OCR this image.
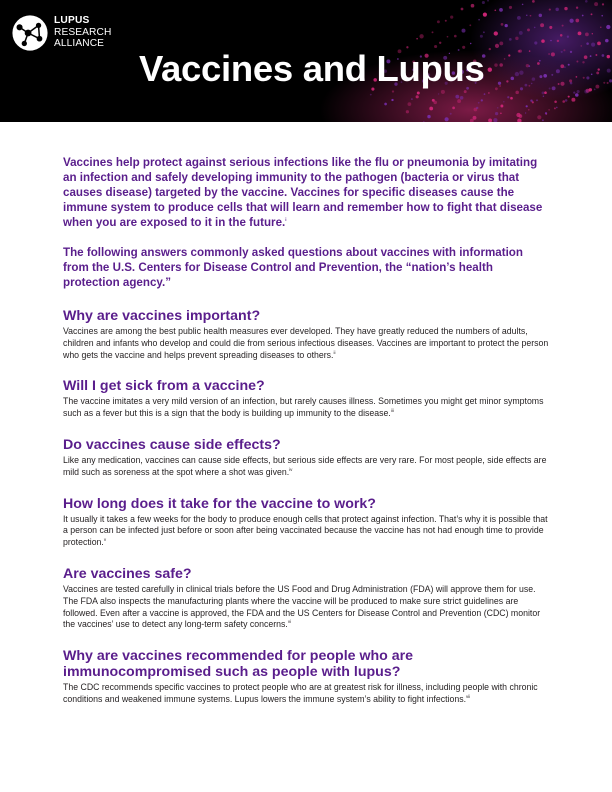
LUPUS
RESEARCH
ALLIANCE
Vaccines and Lupus

Vaccines help protect against serious infections like the flu or pneumonia by imitating an infection and safely developing immunity to the pathogen (bacteria or virus that causes disease) targeted by the vaccine. Vaccines for specific diseases cause the immune system to produce cells that will learn and remember how to fight that disease when you are exposed to it in the future.$^i$

The following answers commonly asked questions about vaccines with information from the U.S. Centers for Disease Control and Prevention, the “nation’s health protection agency.”

Why are vaccines important?

Vaccines are among the best public health measures ever developed. They have greatly reduced the numbers of adults, children and infants who develop and could die from serious infectious diseases. Vaccines are important to protect the person who gets the vaccine and helps prevent spreading diseases to others.$^{ii}$

Will I get sick from a vaccine?

The vaccine imitates a very mild version of an infection, but rarely causes illness. Sometimes you might get minor symptoms such as a fever but this is a sign that the body is building up immunity to the disease.$^{iii}$

Do vaccines cause side effects?

Like any medication, vaccines can cause side effects, but serious side effects are very rare. For most people, side effects are mild such as soreness at the spot where a shot was given.$^{iv}$

How long does it take for the vaccine to work?

It usually it takes a few weeks for the body to produce enough cells that protect against infection. That’s why it is possible that a person can be infected just before or soon after being vaccinated because the vaccine has not had enough time to provide protection.$^v$

Are vaccines safe?

Vaccines are tested carefully in clinical trials before the US Food and Drug Administration (FDA) will approve them for use. The FDA also inspects the manufacturing plants where the vaccine will be produced to make sure strict guidelines are followed. Even after a vaccine is approved, the FDA and the US Centers for Disease Control and Prevention (CDC) monitor the vaccines’ use to detect any long-term safety concerns.$^{vi}$

Why are vaccines recommended for people who are immunocompromised such as people with lupus?

The CDC recommends specific vaccines to protect people who are at greatest risk for illness, including people with chronic conditions and weakened immune systems. Lupus lowers the immune system’s ability to fight infections.$^{vii}$
